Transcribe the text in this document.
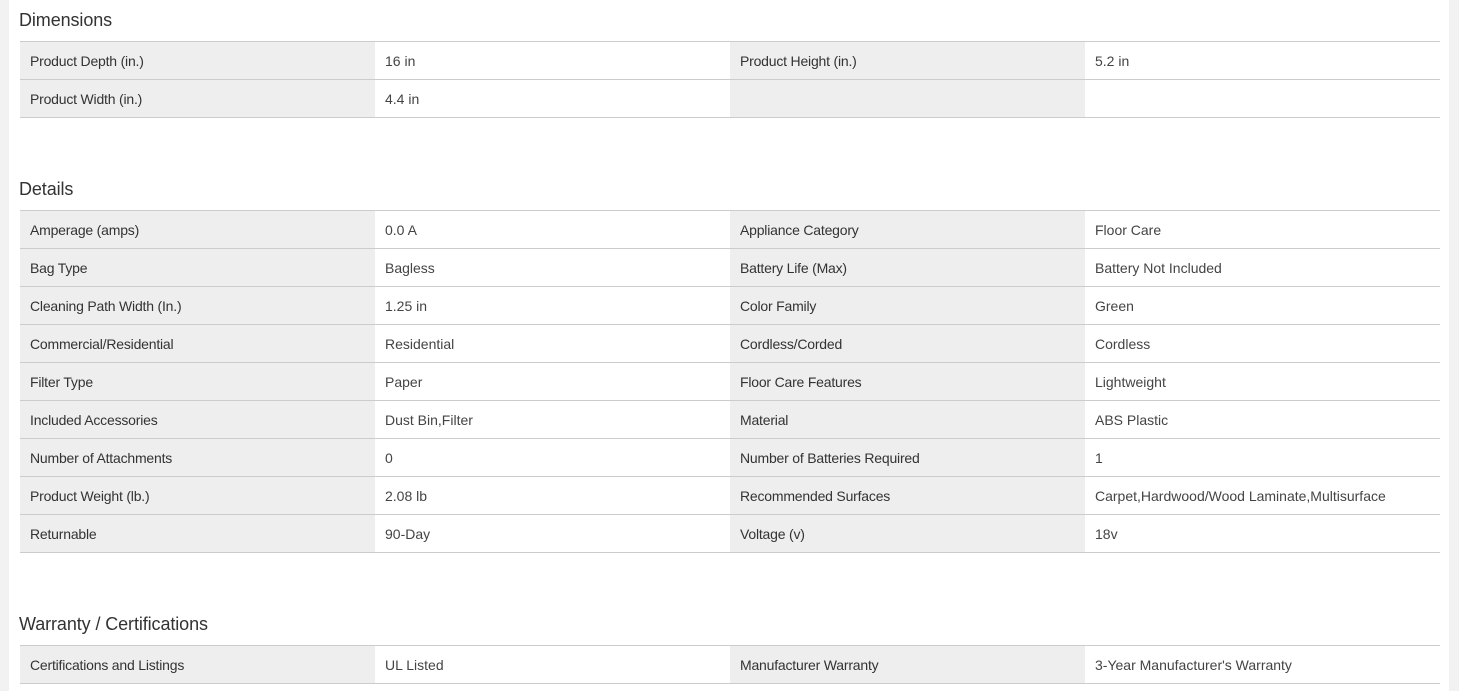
Dimensions
Product Depth (in.)	16 in	Product Height (in.)	5.2 in
Product Width (in.)	4.4 in
Details
Amperage (amps)	0.0 A	Appliance Category	Floor Care
Bag Type	Bagless	Battery Life (Max)	Battery Not Included
Cleaning Path Width (In.)	1.25 in	Color Family	Green
Commercial/Residential	Residential	Cordless/Corded	Cordless
Filter Type	Paper	Floor Care Features	Lightweight
Included Accessories	Dust Bin,Filter	Material	ABS Plastic
Number of Attachments	0	Number of Batteries Required	1
Product Weight (lb.)	2.08 lb	Recommended Surfaces	Carpet,Hardwood/Wood Laminate,Multisurface
Returnable	90-Day	Voltage (v)	18v
Warranty / Certifications
Certifications and Listings	UL Listed	Manufacturer Warranty	3-Year Manufacturer's Warranty
